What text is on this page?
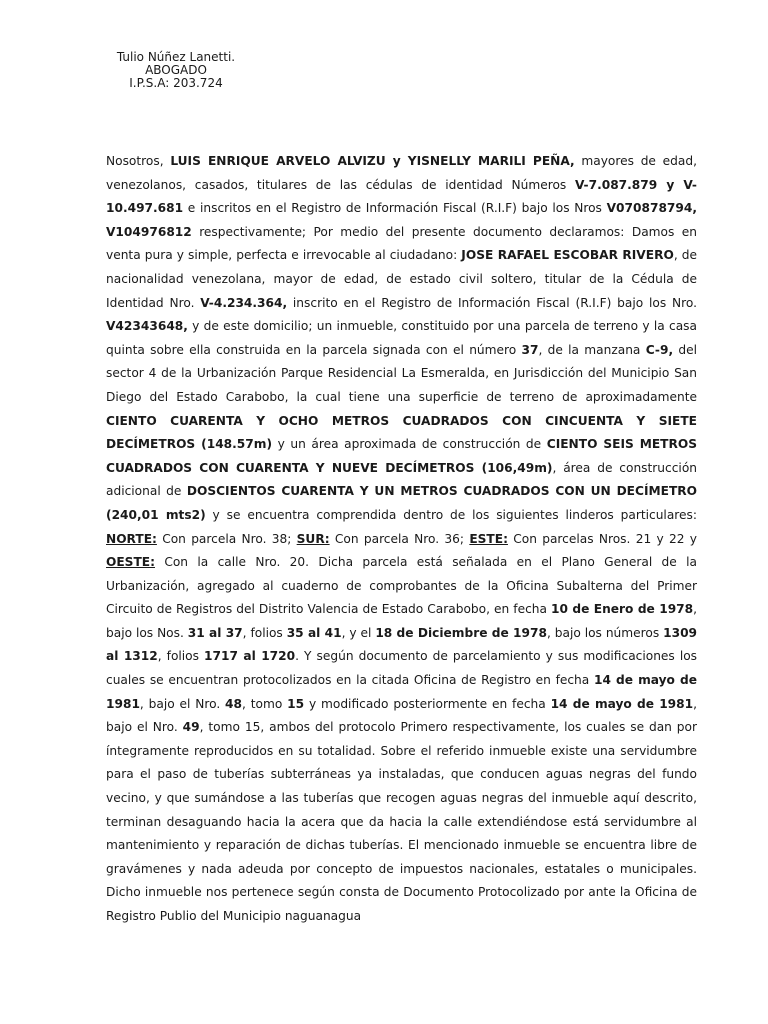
Tulio Núñez Lanetti.
ABOGADO
I.P.S.A: 203.724

Nosotros, LUIS ENRIQUE ARVELO ALVIZU y YISNELLY MARILI PEÑA, mayores de edad, venezolanos, casados, titulares de las cédulas de identidad Números V-7.087.879 y V-10.497.681 e inscritos en el Registro de Información Fiscal (R.I.F) bajo los Nros V070878794, V104976812 respectivamente; Por medio del presente documento declaramos: Damos en venta pura y simple, perfecta e irrevocable al ciudadano: JOSE RAFAEL ESCOBAR RIVERO, de nacionalidad venezolana, mayor de edad, de estado civil soltero, titular de la Cédula de Identidad Nro. V-4.234.364, inscrito en el Registro de Información Fiscal (R.I.F) bajo los Nro. V42343648, y de este domicilio; un inmueble, constituido por una parcela de terreno y la casa quinta sobre ella construida en la parcela signada con el número 37, de la manzana C-9, del sector 4 de la Urbanización Parque Residencial La Esmeralda, en Jurisdicción del Municipio San Diego del Estado Carabobo, la cual tiene una superficie de terreno de aproximadamente CIENTO CUARENTA Y OCHO METROS CUADRADOS CON CINCUENTA Y SIETE DECÍMETROS (148.57m) y un área aproximada de construcción de CIENTO SEIS METROS CUADRADOS CON CUARENTA Y NUEVE DECÍMETROS (106,49m), área de construcción adicional de DOSCIENTOS CUARENTA Y UN METROS CUADRADOS CON UN DECÍMETRO (240,01 mts2) y se encuentra comprendida dentro de los siguientes linderos particulares: NORTE: Con parcela Nro. 38; SUR: Con parcela Nro. 36; ESTE: Con parcelas Nros. 21 y 22 y OESTE: Con la calle Nro. 20. Dicha parcela está señalada en el Plano General de la Urbanización, agregado al cuaderno de comprobantes de la Oficina Subalterna del Primer Circuito de Registros del Distrito Valencia de Estado Carabobo, en fecha 10 de Enero de 1978, bajo los Nos. 31 al 37, folios 35 al 41, y el 18 de Diciembre de 1978, bajo los números 1309 al 1312, folios 1717 al 1720. Y según documento de parcelamiento y sus modificaciones los cuales se encuentran protocolizados en la citada Oficina de Registro en fecha 14 de mayo de 1981, bajo el Nro. 48, tomo 15 y modificado posteriormente en fecha 14 de mayo de 1981, bajo el Nro. 49, tomo 15, ambos del protocolo Primero respectivamente, los cuales se dan por íntegramente reproducidos en su totalidad. Sobre el referido inmueble existe una servidumbre para el paso de tuberías subterráneas ya instaladas, que conducen aguas negras del fundo vecino, y que sumándose a las tuberías que recogen aguas negras del inmueble aquí descrito, terminan desaguando hacia la acera que da hacia la calle extendiéndose está servidumbre al mantenimiento y reparación de dichas tuberías. El mencionado inmueble se encuentra libre de gravámenes y nada adeuda por concepto de impuestos nacionales, estatales o municipales. Dicho inmueble nos pertenece según consta de Documento Protocolizado por ante la Oficina de Registro Publio del Municipio naguanagua
